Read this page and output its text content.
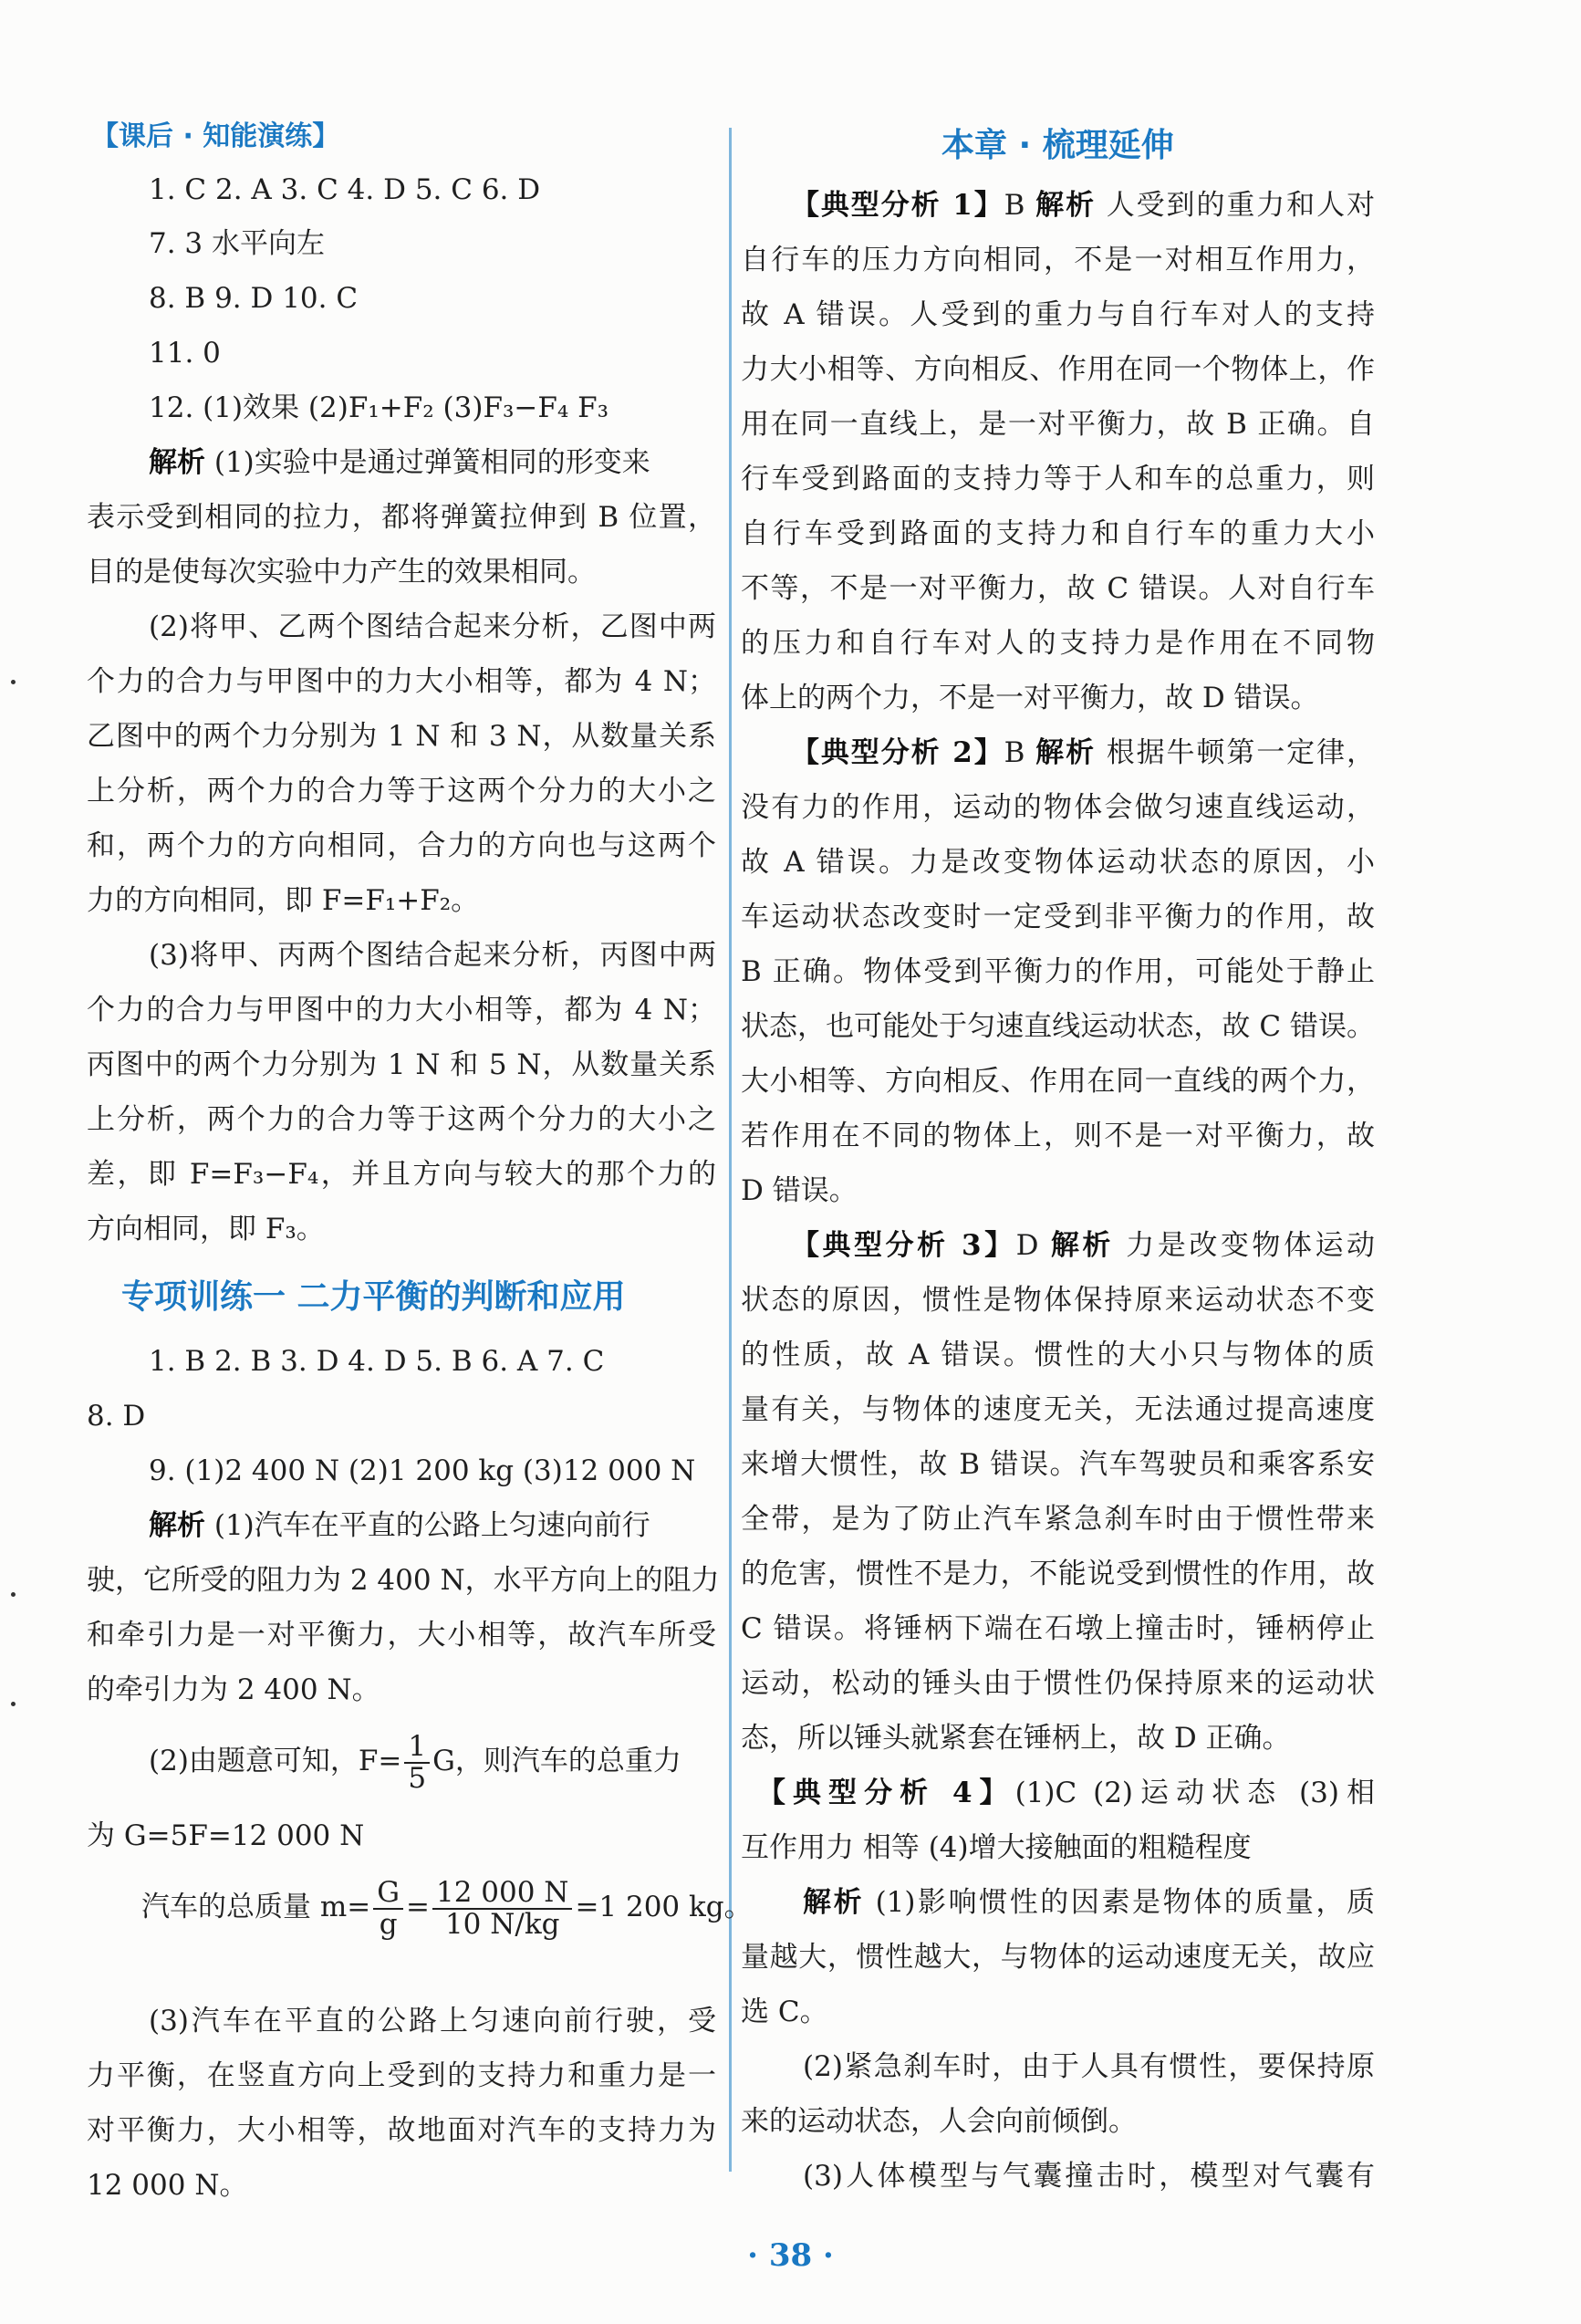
【课后 · 知能演练】
1. C 2. A 3. C 4. D 5. C 6. D
7. 3 水平向左
8. B 9. D 10. C
11. 0
12. (1)效果 (2)F₁+F₂ (3)F₃−F₄ F₃
解析 (1)实验中是通过弹簧相同的形变来
表示受到相同的拉力，都将弹簧拉伸到 B 位置，
目的是使每次实验中力产生的效果相同。
(2)将甲、乙两个图结合起来分析，乙图中两
个力的合力与甲图中的力大小相等，都为 4 N；
乙图中的两个力分别为 1 N 和 3 N，从数量关系
上分析，两个力的合力等于这两个分力的大小之
和，两个力的方向相同，合力的方向也与这两个
力的方向相同，即 F=F₁+F₂。
(3)将甲、丙两个图结合起来分析，丙图中两
个力的合力与甲图中的力大小相等，都为 4 N；
丙图中的两个力分别为 1 N 和 5 N，从数量关系
上分析，两个力的合力等于这两个分力的大小之
差，即 F=F₃−F₄，并且方向与较大的那个力的
方向相同，即 F₃。
专项训练一 二力平衡的判断和应用
1. B 2. B 3. D 4. D 5. B 6. A 7. C
8. D
9. (1)2 400 N (2)1 200 kg (3)12 000 N
解析 (1)汽车在平直的公路上匀速向前行
驶，它所受的阻力为 2 400 N，水平方向上的阻力
和牵引力是一对平衡力，大小相等，故汽车所受
的牵引力为 2 400 N。
(2)由题意可知，$F= \frac{1}{5}$ G，则汽车的总重力
为 G=5F=12 000 N
汽车的总质量 $m= \frac{G}{g} = \frac{12 000 N}{10 N/kg} =1$ 200 kg。
(3)汽车在平直的公路上匀速向前行驶，受
力平衡，在竖直方向上受到的支持力和重力是一
对平衡力，大小相等，故地面对汽车的支持力为
12 000 N。
本章 · 梳理延伸
【典型分析 1】B 解析 人受到的重力和人对
自行车的压力方向相同，不是一对相互作用力，
故 A 错误。人受到的重力与自行车对人的支持
力大小相等、方向相反、作用在同一个物体上，作
用在同一直线上，是一对平衡力，故 B 正确。自
行车受到路面的支持力等于人和车的总重力，则
自行车受到路面的支持力和自行车的重力大小
不等，不是一对平衡力，故 C 错误。人对自行车
的压力和自行车对人的支持力是作用在不同物
体上的两个力，不是一对平衡力，故 D 错误。
【典型分析 2】B 解析 根据牛顿第一定律，
没有力的作用，运动的物体会做匀速直线运动，
故 A 错误。力是改变物体运动状态的原因，小
车运动状态改变时一定受到非平衡力的作用，故
B 正确。物体受到平衡力的作用，可能处于静止
状态，也可能处于匀速直线运动状态，故 C 错误。
大小相等、方向相反、作用在同一直线的两个力，
若作用在不同的物体上，则不是一对平衡力，故
D 错误。
【典型分析 3】D 解析 力是改变物体运动
状态的原因，惯性是物体保持原来运动状态不变
的性质，故 A 错误。惯性的大小只与物体的质
量有关，与物体的速度无关，无法通过提高速度
来增大惯性，故 B 错误。汽车驾驶员和乘客系安
全带，是为了防止汽车紧急刹车时由于惯性带来
的危害，惯性不是力，不能说受到惯性的作用，故
C 错误。将锤柄下端在石墩上撞击时，锤柄停止
运动，松动的锤头由于惯性仍保持原来的运动状
态，所以锤头就紧套在锤柄上，故 D 正确。
【典型分析 4】(1)C (2)运动状态 (3)相
互作用力 相等 (4)增大接触面的粗糙程度
解析 (1)影响惯性的因素是物体的质量，质
量越大，惯性越大，与物体的运动速度无关，故应
选 C。
(2)紧急刹车时，由于人具有惯性，要保持原
来的运动状态，人会向前倾倒。
(3)人体模型与气囊撞击时，模型对气囊有
· 38 ·
